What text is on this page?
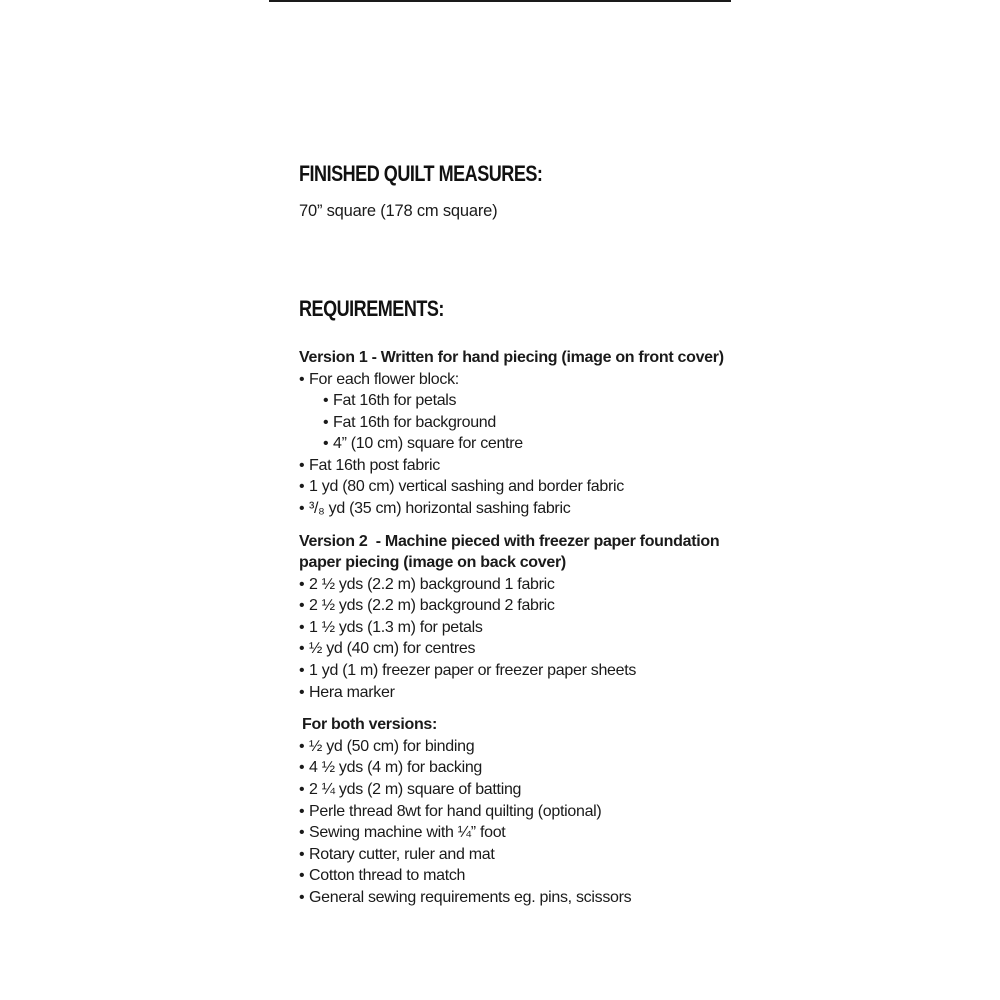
FINISHED QUILT MEASURES:
70” square (178 cm square)
REQUIREMENTS:
Version 1 - Written for hand piecing (image on front cover)
• For each flower block:
• Fat 16th for petals
• Fat 16th for background
• 4” (10 cm) square for centre
• Fat 16th post fabric
• 1 yd (80 cm) vertical sashing and border fabric
• ³/₈ yd (35 cm) horizontal sashing fabric
Version 2  - Machine pieced with freezer paper foundation
paper piecing (image on back cover)
• 2 ½ yds (2.2 m) background 1 fabric
• 2 ½ yds (2.2 m) background 2 fabric
• 1 ½ yds (1.3 m) for petals
• ½ yd (40 cm) for centres
• 1 yd (1 m) freezer paper or freezer paper sheets
• Hera marker
For both versions:
• ½ yd (50 cm) for binding
• 4 ½ yds (4 m) for backing
• 2 ¼ yds (2 m) square of batting
• Perle thread 8wt for hand quilting (optional)
• Sewing machine with ¼” foot
• Rotary cutter, ruler and mat
• Cotton thread to match
• General sewing requirements eg. pins, scissors
